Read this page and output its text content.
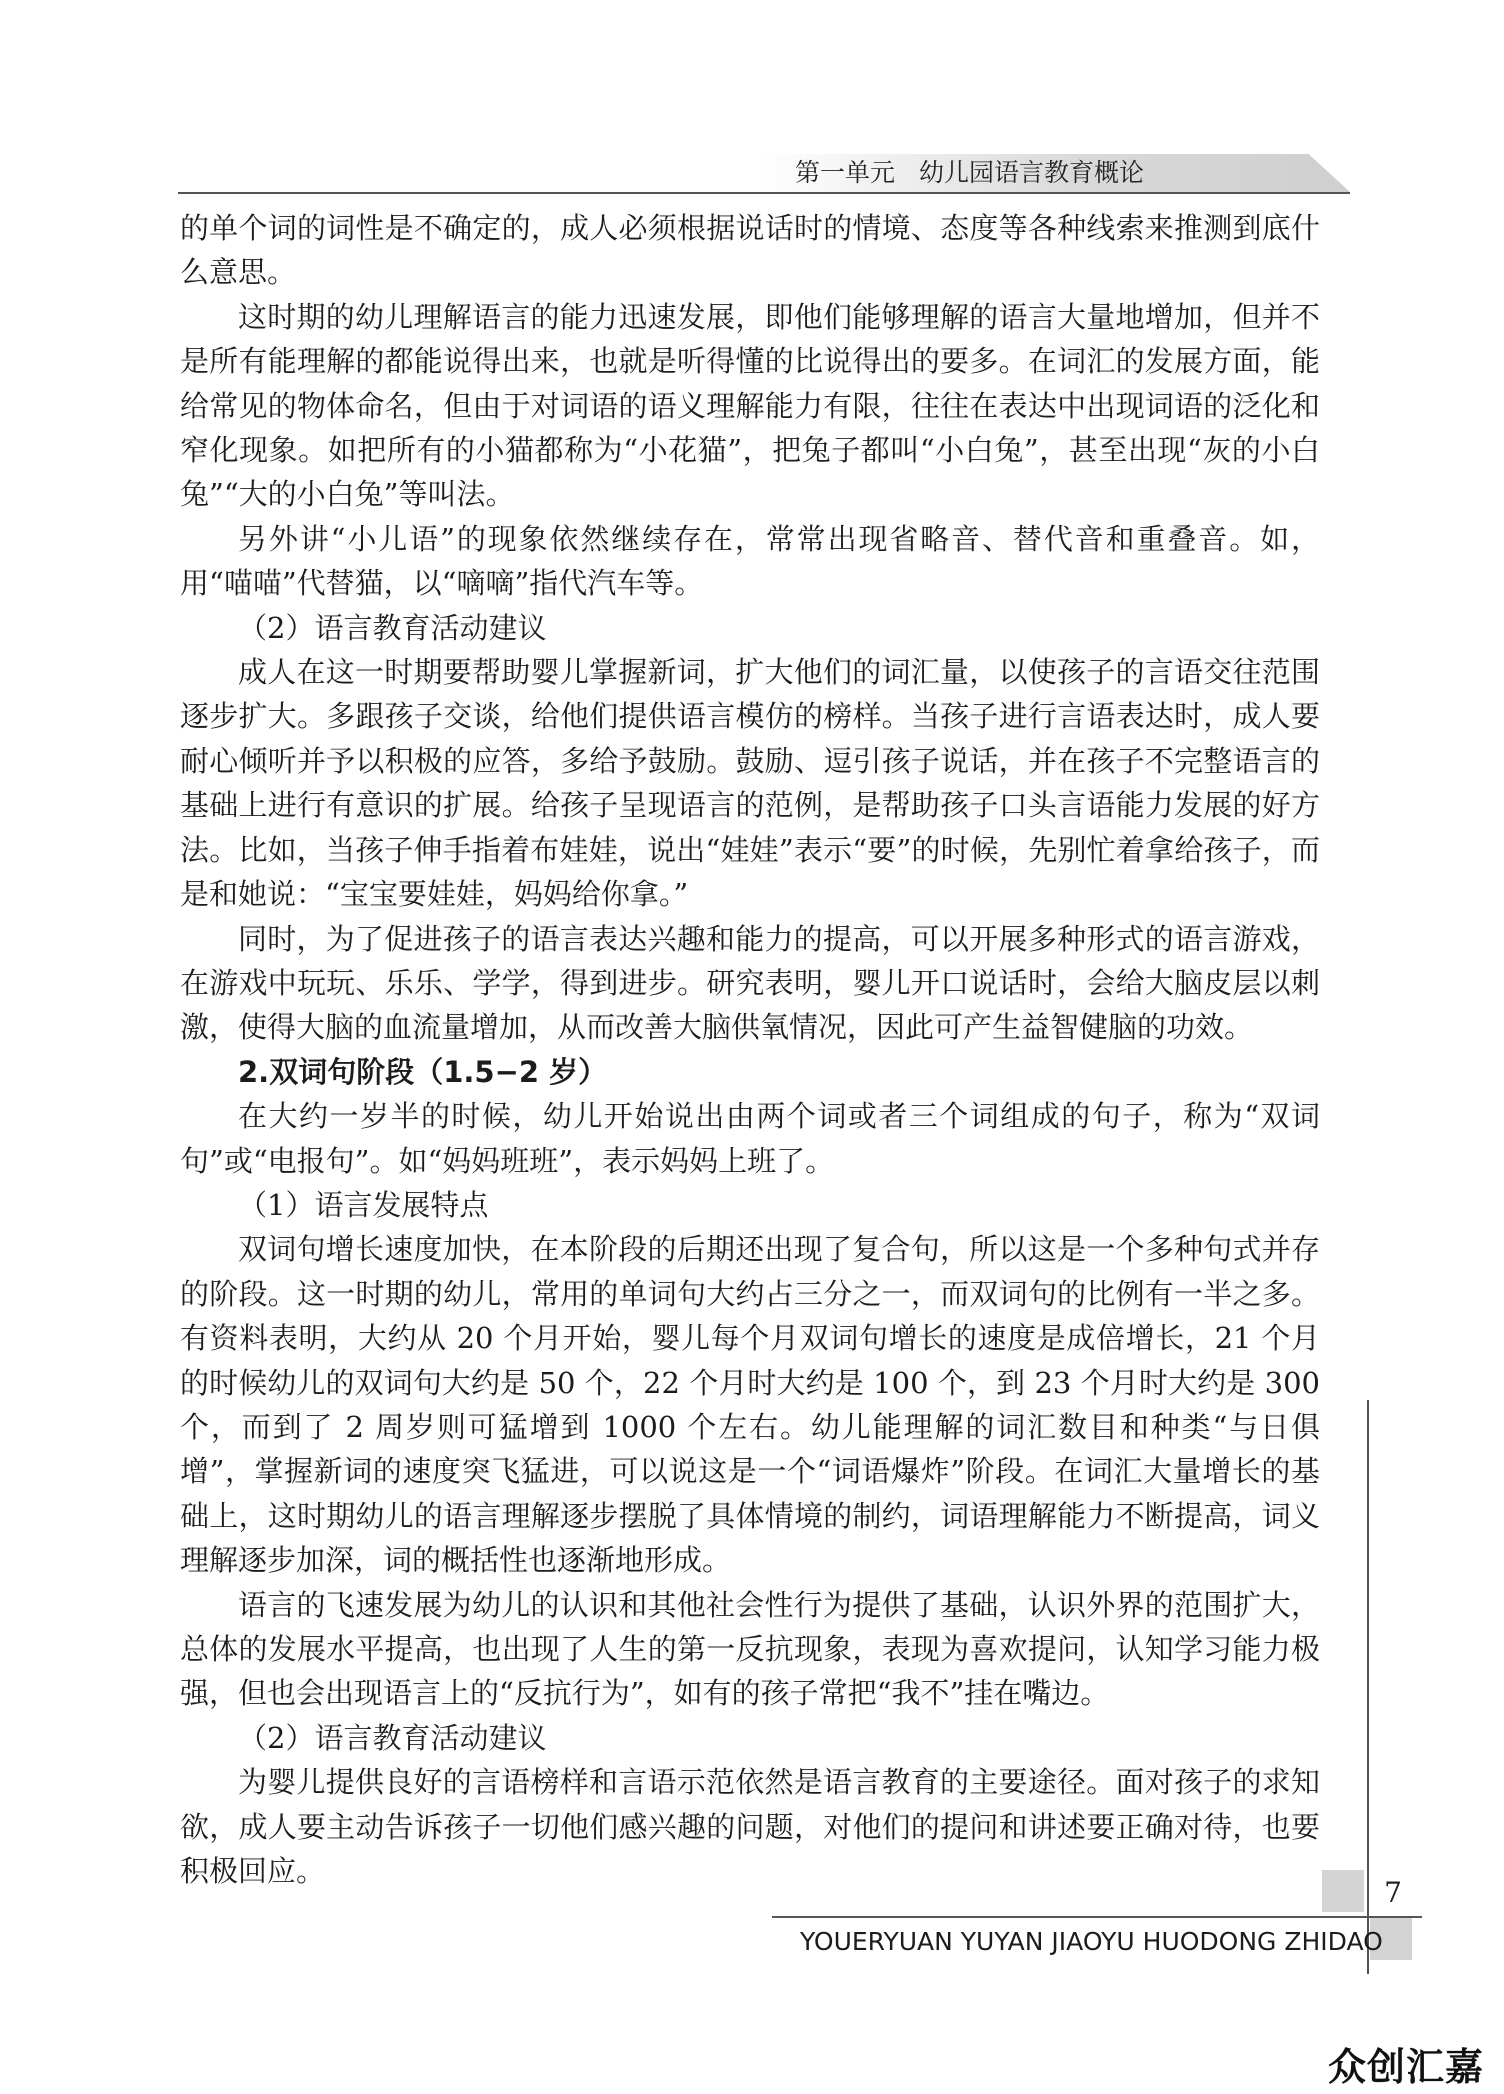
第一单元 幼儿园语言教育概论

的单个词的词性是不确定的，成人必须根据说话时的情境、态度等各种线索来推测到底什么意思。

这时期的幼儿理解语言的能力迅速发展，即他们能够理解的语言大量地增加，但并不是所有能理解的都能说得出来，也就是听得懂的比说得出的要多。在词汇的发展方面，能给常见的物体命名，但由于对词语的语义理解能力有限，往往在表达中出现词语的泛化和窄化现象。如把所有的小猫都称为“小花猫”，把兔子都叫“小白兔”，甚至出现“灰的小白兔”“大的小白兔”等叫法。

另外讲“小儿语”的现象依然继续存在，常常出现省略音、替代音和重叠音。如，用“喵喵”代替猫，以“嘀嘀”指代汽车等。

（2）语言教育活动建议

成人在这一时期要帮助婴儿掌握新词，扩大他们的词汇量，以使孩子的言语交往范围逐步扩大。多跟孩子交谈，给他们提供语言模仿的榜样。当孩子进行言语表达时，成人要耐心倾听并予以积极的应答，多给予鼓励。鼓励、逗引孩子说话，并在孩子不完整语言的基础上进行有意识的扩展。给孩子呈现语言的范例，是帮助孩子口头言语能力发展的好方法。比如，当孩子伸手指着布娃娃，说出“娃娃”表示“要”的时候，先别忙着拿给孩子，而是和她说：“宝宝要娃娃，妈妈给你拿。”

同时，为了促进孩子的语言表达兴趣和能力的提高，可以开展多种形式的语言游戏，在游戏中玩玩、乐乐、学学，得到进步。研究表明，婴儿开口说话时，会给大脑皮层以刺激，使得大脑的血流量增加，从而改善大脑供氧情况，因此可产生益智健脑的功效。

2.双词句阶段（1.5−2 岁）

在大约一岁半的时候，幼儿开始说出由两个词或者三个词组成的句子，称为“双词句”或“电报句”。如“妈妈班班”，表示妈妈上班了。

（1）语言发展特点

双词句增长速度加快，在本阶段的后期还出现了复合句，所以这是一个多种句式并存的阶段。这一时期的幼儿，常用的单词句大约占三分之一，而双词句的比例有一半之多。有资料表明，大约从 20 个月开始，婴儿每个月双词句增长的速度是成倍增长，21 个月的时候幼儿的双词句大约是 50 个，22 个月时大约是 100 个，到 23 个月时大约是 300 个，而到了 2 周岁则可猛增到 1000 个左右。幼儿能理解的词汇数目和种类“与日俱增”，掌握新词的速度突飞猛进，可以说这是一个“词语爆炸”阶段。在词汇大量增长的基础上，这时期幼儿的语言理解逐步摆脱了具体情境的制约，词语理解能力不断提高，词义理解逐步加深，词的概括性也逐渐地形成。

语言的飞速发展为幼儿的认识和其他社会性行为提供了基础，认识外界的范围扩大，总体的发展水平提高，也出现了人生的第一反抗现象，表现为喜欢提问，认知学习能力极强，但也会出现语言上的“反抗行为”，如有的孩子常把“我不”挂在嘴边。

（2）语言教育活动建议

为婴儿提供良好的言语榜样和言语示范依然是语言教育的主要途径。面对孩子的求知欲，成人要主动告诉孩子一切他们感兴趣的问题，对他们的提问和讲述要正确对待，也要积极回应。

7
YOUERYUAN YUYAN JIAOYU HUODONG ZHIDAO
众创汇嘉
